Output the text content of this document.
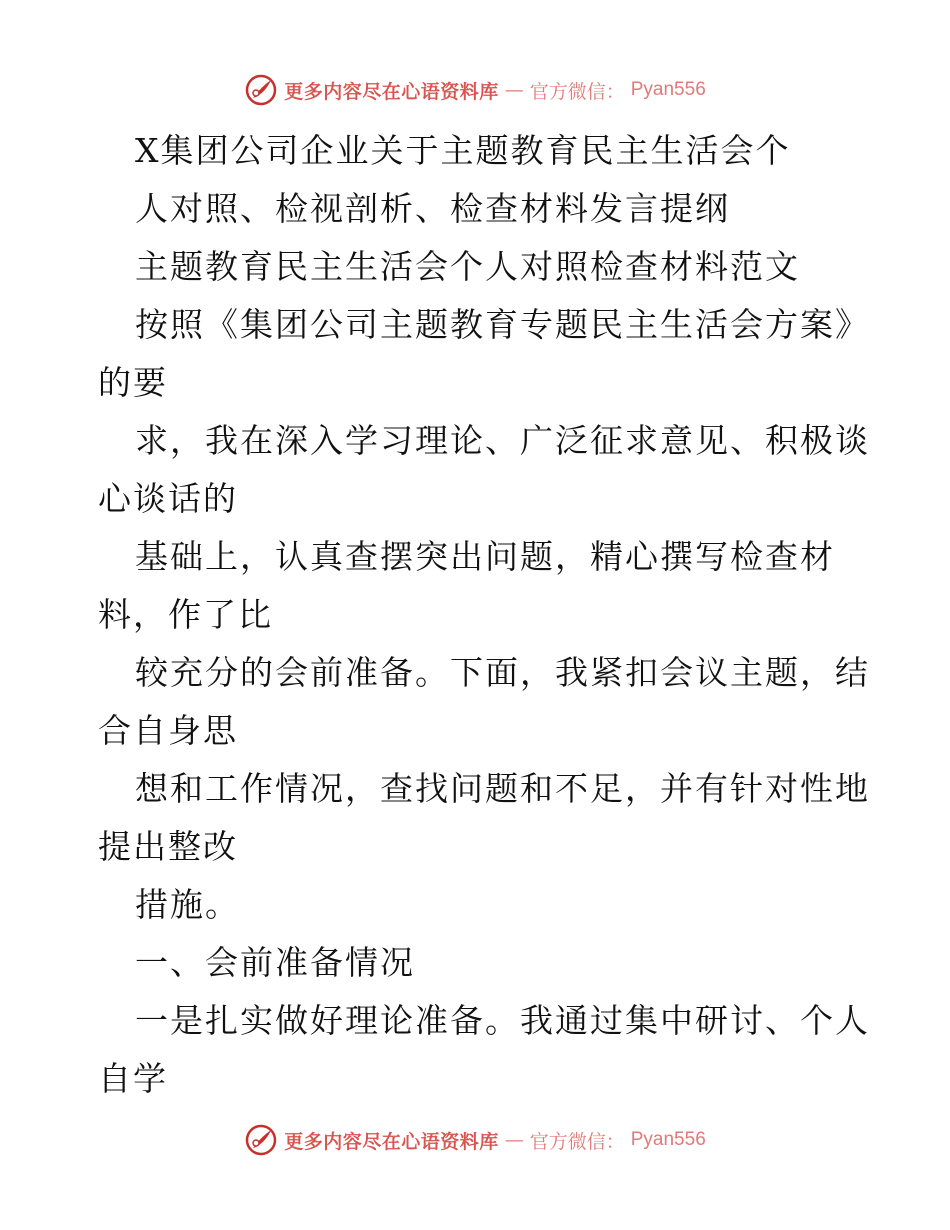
更多内容尽在心语资料库 — 官方微信： Pyan556
X集团公司企业关于主题教育民主生活会个
人对照、检视剖析、检查材料发言提纲
主题教育民主生活会个人对照检查材料范文
按照《集团公司主题教育专题民主生活会方案》
的要
求，我在深入学习理论、广泛征求意见、积极谈
心谈话的
基础上，认真查摆突出问题，精心撰写检查材
料，作了比
较充分的会前准备。下面，我紧扣会议主题，结
合自身思
想和工作情况，查找问题和不足，并有针对性地
提出整改
措施。
一、会前准备情况
一是扎实做好理论准备。我通过集中研讨、个人
自学
更多内容尽在心语资料库 — 官方微信： Pyan556
